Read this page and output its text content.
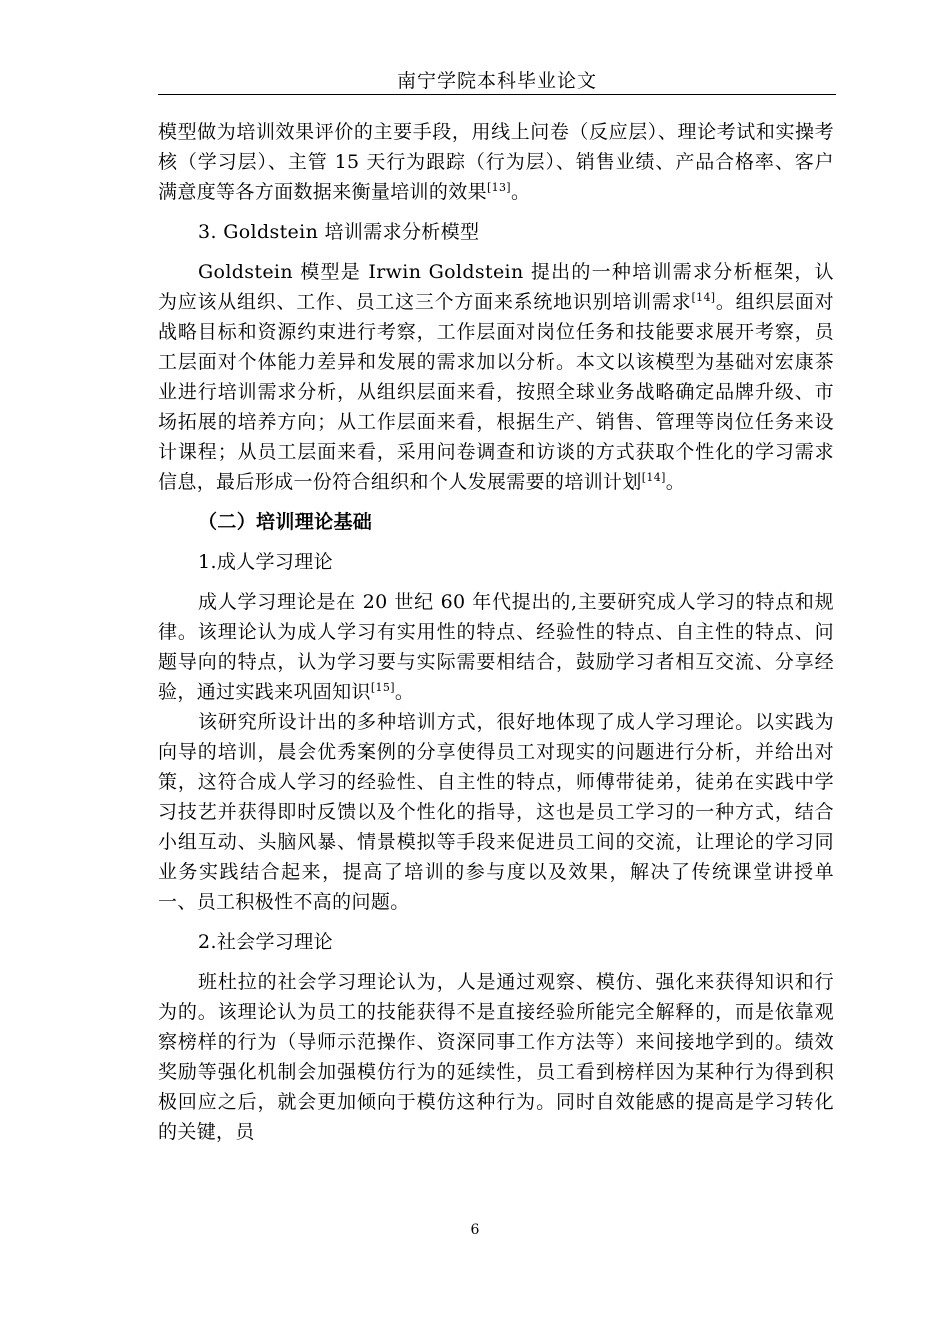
南宁学院本科毕业论文

模型做为培训效果评价的主要手段，用线上问卷（反应层）、理论考试和实操考核（学习层）、主管 15 天行为跟踪（行为层）、销售业绩、产品合格率、客户满意度等各方面数据来衡量培训的效果[13]。

3. Goldstein 培训需求分析模型

Goldstein 模型是 Irwin Goldstein 提出的一种培训需求分析框架，认为应该从组织、工作、员工这三个方面来系统地识别培训需求[14]。组织层面对战略目标和资源约束进行考察，工作层面对岗位任务和技能要求展开考察，员工层面对个体能力差异和发展的需求加以分析。本文以该模型为基础对宏康茶业进行培训需求分析，从组织层面来看，按照全球业务战略确定品牌升级、市场拓展的培养方向；从工作层面来看，根据生产、销售、管理等岗位任务来设计课程；从员工层面来看，采用问卷调查和访谈的方式获取个性化的学习需求信息，最后形成一份符合组织和个人发展需要的培训计划[14]。

（二）培训理论基础

1.成人学习理论

成人学习理论是在 20 世纪 60 年代提出的,主要研究成人学习的特点和规律。该理论认为成人学习有实用性的特点、经验性的特点、自主性的特点、问题导向的特点，认为学习要与实际需要相结合，鼓励学习者相互交流、分享经验，通过实践来巩固知识[15]。

该研究所设计出的多种培训方式，很好地体现了成人学习理论。以实践为向导的培训，晨会优秀案例的分享使得员工对现实的问题进行分析，并给出对策，这符合成人学习的经验性、自主性的特点，师傅带徒弟，徒弟在实践中学习技艺并获得即时反馈以及个性化的指导，这也是员工学习的一种方式，结合小组互动、头脑风暴、情景模拟等手段来促进员工间的交流，让理论的学习同业务实践结合起来，提高了培训的参与度以及效果，解决了传统课堂讲授单一、员工积极性不高的问题。

2.社会学习理论

班杜拉的社会学习理论认为，人是通过观察、模仿、强化来获得知识和行为的。该理论认为员工的技能获得不是直接经验所能完全解释的，而是依靠观察榜样的行为（导师示范操作、资深同事工作方法等）来间接地学到的。绩效奖励等强化机制会加强模仿行为的延续性，员工看到榜样因为某种行为得到积极回应之后，就会更加倾向于模仿这种行为。同时自效能感的提高是学习转化的关键，员

6
